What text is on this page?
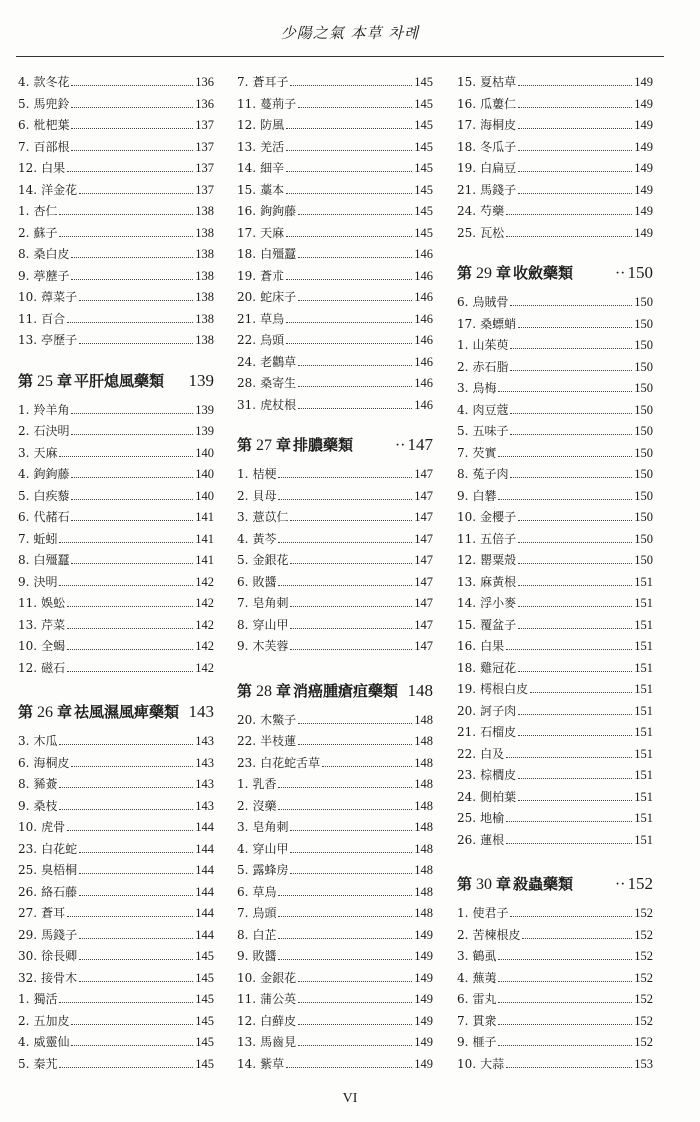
少陽之氣 本草 차례
4. 款冬花	136
5. 馬兜鈴	136
6. 枇杷葉	137
7. 百部根	137
12. 白果	137
14. 洋金花	137
1. 杏仁	138
2. 蘇子	138
8. 桑白皮	138
9. 葶藶子	138
10. 蔊菜子	138
11. 百合	138
13. 亭歷子	138
第 25 章 平肝熄風藥類 139
1. 羚羊角	139
2. 石決明	139
3. 天麻	140
4. 鉤鉤藤	140
5. 白疾藜	140
6. 代赭石	141
7. 蚯蚓	141
8. 白殭蠶	141
9. 決明	142
11. 娛蚣	142
13. 芹菜	142
10. 全蝎	142
12. 磁石	142
第 26 章 祛風濕風痺藥類 143
3. 木瓜	143
6. 海桐皮	143
8. 豨薟	143
9. 桑枝	143
10. 虎骨	144
23. 白花蛇	144
25. 臭梧桐	144
26. 絡石藤	144
27. 蒼耳	144
29. 馬錢子	144
30. 徐長卿	145
32. 接骨木	145
1. 獨活	145
2. 五加皮	145
4. 威靈仙	145
5. 秦艽	145
7. 蒼耳子	145
11. 蔓荊子	145
12. 防風	145
13. 羌活	145
14. 細辛	145
15. 藁本	145
16. 鉤鉤藤	145
17. 天麻	145
18. 白殭蠶	146
19. 蒼朮	146
20. 蛇床子	146
21. 草烏	146
22. 烏頭	146
24. 老鸛草	146
28. 桑寄生	146
31. 虎杖根	146
第 27 章 排膿藥類	·· 147
1. 桔梗	147
2. 貝母	147
3. 薏苡仁	147
4. 黃芩	147
5. 金銀花	147
6. 敗醬	147
7. 皂角刺	147
8. 穿山甲	147
9. 木芙蓉	147
第 28 章 消癌腫瘡疽藥類 148
20. 木鱉子	148
22. 半枝蓮	148
23. 白花蛇舌草	148
1. 乳香	148
2. 沒藥	148
3. 皂角刺	148
4. 穿山甲	148
5. 露蜂房	148
6. 草烏	148
7. 烏頭	148
8. 白芷	149
9. 敗醬	149
10. 金銀花	149
11. 蒲公英	149
12. 白蘚皮	149
13. 馬齒見	149
14. 紫草	149
15. 夏枯草	149
16. 瓜蔞仁	149
17. 海桐皮	149
18. 冬瓜子	149
19. 白扁豆	149
21. 馬錢子	149
24. 芍藥	149
25. 瓦松	149
第 29 章 收斂藥類	·· 150
6. 烏賊骨	150
17. 桑螵蛸	150
1. 山茱萸	150
2. 赤石脂	150
3. 烏梅	150
4. 肉豆蔻	150
5. 五味子	150
7. 芡實	150
8. 菟子肉	150
9. 白礬	150
10. 金櫻子	150
11. 五倍子	150
12. 罌粟殼	150
13. 麻黃根	151
14. 浮小麥	151
15. 覆盆子	151
16. 白果	151
18. 雞冠花	151
19. 樗根白皮	151
20. 訶子肉	151
21. 石榴皮	151
22. 白及	151
23. 棕櫚皮	151
24. 側柏葉	151
25. 地榆	151
26. 蓮根	151
第 30 章 殺蟲藥類	·· 152
1. 使君子	152
2. 苦楝根皮	152
3. 鶴虱	152
4. 蕪荑	152
6. 雷丸	152
7. 貫衆	152
9. 榧子	152
10. 大蒜	153
VI
